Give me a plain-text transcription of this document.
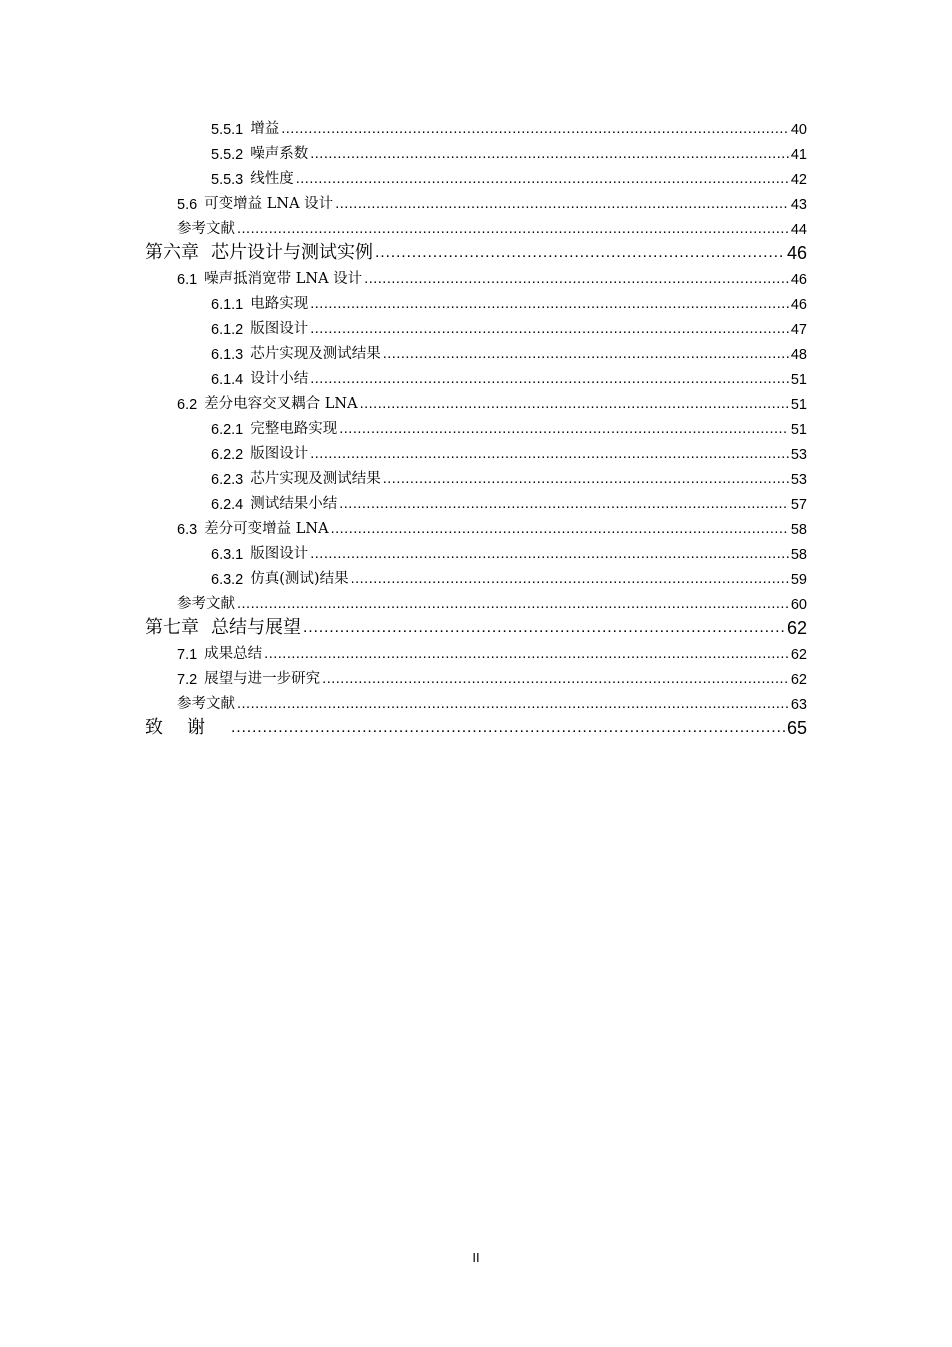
5.5.1 增益 .....	40
5.5.2 噪声系数 .....	41
5.5.3 线性度 .....	42
5.6 可变增益 LNA 设计 .....	43
参考文献 .....	44
第六章 芯片设计与测试实例 .....	46
6.1 噪声抵消宽带 LNA 设计 .....	46
6.1.1 电路实现 .....	46
6.1.2 版图设计 .....	47
6.1.3 芯片实现及测试结果 .....	48
6.1.4 设计小结 .....	51
6.2 差分电容交叉耦合 LNA .....	51
6.2.1 完整电路实现 .....	51
6.2.2 版图设计 .....	53
6.2.3 芯片实现及测试结果 .....	53
6.2.4 测试结果小结 .....	57
6.3 差分可变增益 LNA .....	58
6.3.1 版图设计 .....	58
6.3.2 仿真(测试)结果 .....	59
参考文献 .....	60
第七章 总结与展望 .....	62
7.1 成果总结 .....	62
7.2 展望与进一步研究 .....	62
参考文献 .....	63
致谢 .....	65
II
